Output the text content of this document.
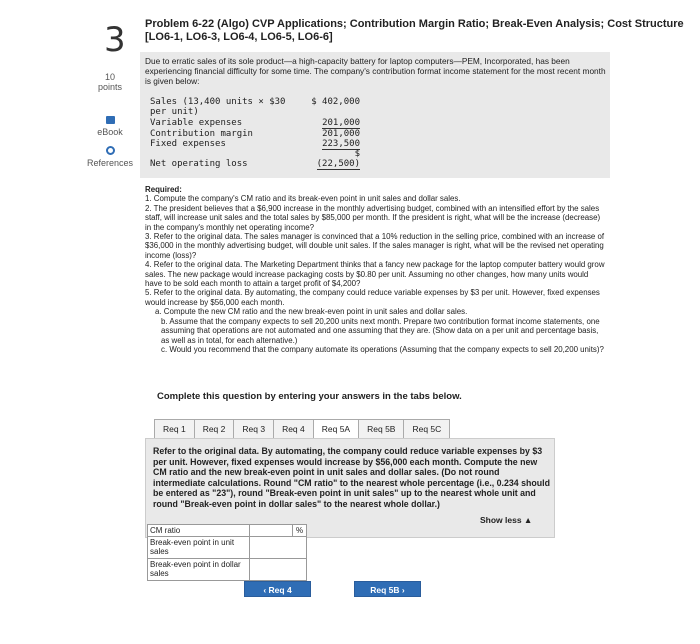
3 Problem 6-22 (Algo) CVP Applications; Contribution Margin Ratio; Break-Even Analysis; Cost Structure [LO6-1, LO6-3, LO6-4, LO6-5, LO6-6]
10
points
eBook
References
Due to erratic sales of its sole product—a high-capacity battery for laptop computers—PEM, Incorporated, has been experiencing financial difficulty for some time. The company's contribution format income statement for the most recent month is given below:
Sales (13,400 units × $30	$ 402,000
per unit)
Variable expenses	201,000
Contribution margin	201,000
Fixed expenses	223,500
$
Net operating loss	(22,500)
Required:
1. Compute the company's CM ratio and its break-even point in unit sales and dollar sales.
2. The president believes that a $6,900 increase in the monthly advertising budget, combined with an intensified effort by the sales staff, will increase unit sales and the total sales by $85,000 per month. If the president is right, what will be the increase (decrease) in the company's monthly net operating income?
3. Refer to the original data. The sales manager is convinced that a 10% reduction in the selling price, combined with an increase of $36,000 in the monthly advertising budget, will double unit sales. If the sales manager is right, what will be the revised net operating income (loss)?
4. Refer to the original data. The Marketing Department thinks that a fancy new package for the laptop computer battery would grow sales. The new package would increase packaging costs by $0.80 per unit. Assuming no other changes, how many units would have to be sold each month to attain a target profit of $4,200?
5. Refer to the original data. By automating, the company could reduce variable expenses by $3 per unit. However, fixed expenses would increase by $56,000 each month.
a. Compute the new CM ratio and the new break-even point in unit sales and dollar sales.
b. Assume that the company expects to sell 20,200 units next month. Prepare two contribution format income statements, one assuming that operations are not automated and one assuming that they are. (Show data on a per unit and percentage basis, as well as in total, for each alternative.)
c. Would you recommend that the company automate its operations (Assuming that the company expects to sell 20,200 units)?
Complete this question by entering your answers in the tabs below.
Req 1	Req 2	Req 3	Req 4	Req 5A	Req 5B	Req 5C
Refer to the original data. By automating, the company could reduce variable expenses by $3 per unit. However, fixed expenses would increase by $56,000 each month. Compute the new CM ratio and the new break-even point in unit sales and dollar sales. (Do not round intermediate calculations. Round "CM ratio" to the nearest whole percentage (i.e., 0.234 should be entered as "23"), round "Break-even point in unit sales" up to the nearest whole unit and round "Break-even point in dollar sales" to the nearest whole dollar.)
Show less ▲
CM ratio		%
Break-even point in unit sales		
Break-even point in dollar sales		
‹ Req 4	Req 5B ›
